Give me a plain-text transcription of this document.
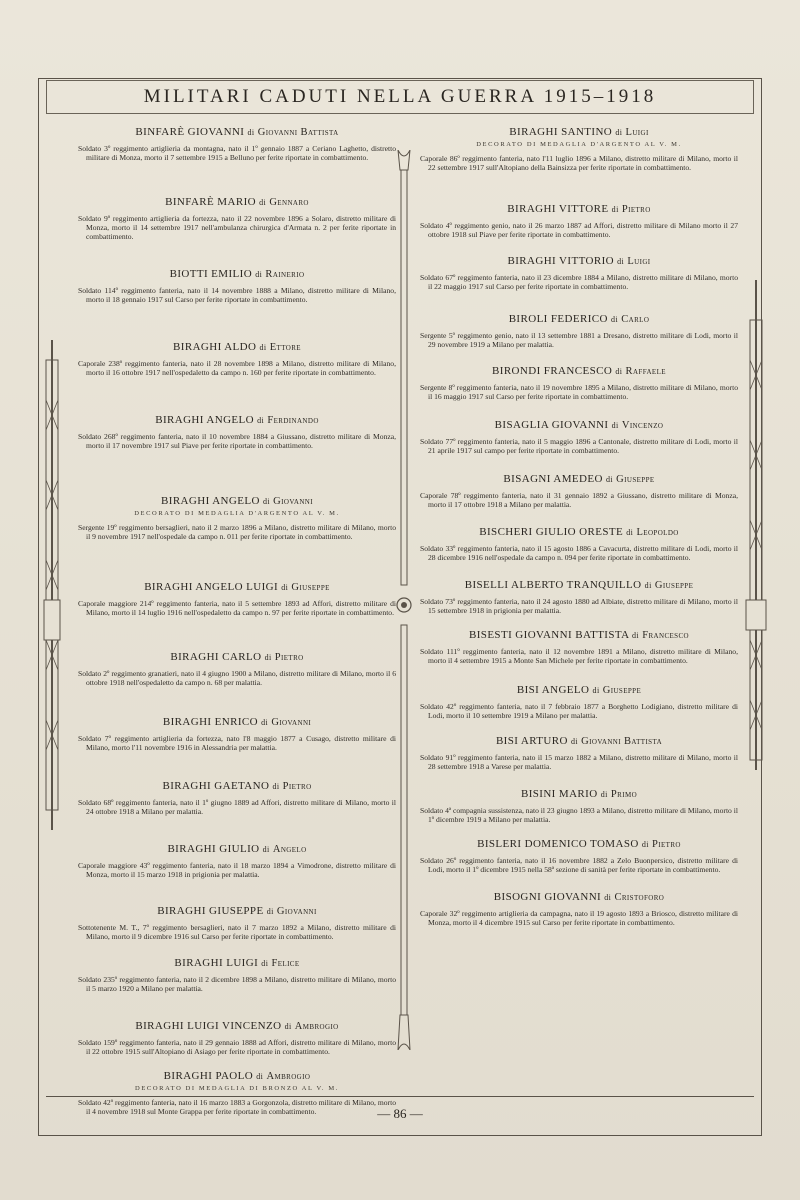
MILITARI CADUTI NELLA GUERRA 1915–1918
BINFARÈ GIOVANNI di Giovanni Battista
Soldato 3º reggimento artiglieria da montagna, nato il 1º gennaio 1887 a Ceriano Laghetto, distretto militare di Monza, morto il 7 settembre 1915 a Belluno per ferite riportate in combattimento.
BINFARÈ MARIO di Gennaro
Soldato 9º reggimento artiglieria da fortezza, nato il 22 novembre 1896 a Solaro, distretto militare di Monza, morto il 14 settembre 1917 nell'ambulanza chirurgica d'Armata n. 2 per ferite riportate in combattimento.
BIOTTI EMILIO di Rainerio
Soldato 114º reggimento fanteria, nato il 14 novembre 1888 a Milano, distretto militare di Milano, morto il 18 gennaio 1917 sul Carso per ferite riportate in combattimento.
BIRAGHI ALDO di Ettore
Caporale 238º reggimento fanteria, nato il 28 novembre 1898 a Milano, distretto militare di Milano, morto il 16 ottobre 1917 nell'ospedaletto da campo n. 160 per ferite riportate in combattimento.
BIRAGHI ANGELO di Ferdinando
Soldato 268º reggimento fanteria, nato il 10 novembre 1884 a Giussano, distretto militare di Monza, morto il 17 novembre 1917 sul Piave per ferite riportate in combattimento.
BIRAGHI ANGELO di Giovanni
DECORATO DI MEDAGLIA D'ARGENTO AL V. M.
Sergente 19º reggimento bersaglieri, nato il 2 marzo 1896 a Milano, distretto militare di Milano, morto il 9 novembre 1917 nell'ospedale da campo n. 011 per ferite riportate in combattimento.
BIRAGHI ANGELO LUIGI di Giuseppe
Caporale maggiore 214º reggimento fanteria, nato il 5 settembre 1893 ad Affori, distretto militare di Milano, morto il 14 luglio 1916 nell'ospedaletto da campo n. 97 per ferite riportate in combattimento.
BIRAGHI CARLO di Pietro
Soldato 2º reggimento granatieri, nato il 4 giugno 1900 a Milano, distretto militare di Milano, morto il 6 ottobre 1918 nell'ospedaletto da campo n. 68 per malattia.
BIRAGHI ENRICO di Giovanni
Soldato 7º reggimento artiglieria da fortezza, nato l'8 maggio 1877 a Cusago, distretto militare di Milano, morto l'11 novembre 1916 in Alessandria per malattia.
BIRAGHI GAETANO di Pietro
Soldato 68º reggimento fanteria, nato il 1º giugno 1889 ad Affori, distretto militare di Milano, morto il 24 ottobre 1918 a Milano per malattia.
BIRAGHI GIULIO di Angelo
Caporale maggiore 43º reggimento fanteria, nato il 18 marzo 1894 a Vimodrone, distretto militare di Monza, morto il 15 marzo 1918 in prigionia per malattia.
BIRAGHI GIUSEPPE di Giovanni
Sottotenente M. T., 7º reggimento bersaglieri, nato il 7 marzo 1892 a Milano, distretto militare di Milano, morto il 9 dicembre 1916 sul Carso per ferite riportate in combattimento.
BIRAGHI LUIGI di Felice
Soldato 235º reggimento fanteria, nato il 2 dicembre 1898 a Milano, distretto militare di Milano, morto il 5 marzo 1920 a Milano per malattia.
BIRAGHI LUIGI VINCENZO di Ambrogio
Soldato 159º reggimento fanteria, nato il 29 gennaio 1888 ad Affori, distretto militare di Milano, morto il 22 ottobre 1915 sull'Altopiano di Asiago per ferite riportate in combattimento.
BIRAGHI PAOLO di Ambrogio
DECORATO DI MEDAGLIA DI BRONZO AL V. M.
Soldato 42º reggimento fanteria, nato il 16 marzo 1883 a Gorgonzola, distretto militare di Milano, morto il 4 novembre 1918 sul Monte Grappa per ferite riportate in combattimento.
BIRAGHI SANTINO di Luigi
DECORATO DI MEDAGLIA D'ARGENTO AL V. M.
Caporale 86º reggimento fanteria, nato l'11 luglio 1896 a Milano, distretto militare di Milano, morto il 22 settembre 1917 sull'Altopiano della Bainsizza per ferite riportate in combattimento.
BIRAGHI VITTORE di Pietro
Soldato 4º reggimento genio, nato il 26 marzo 1887 ad Affori, distretto militare di Milano morto il 27 ottobre 1918 sul Piave per ferite riportate in combattimento.
BIRAGHI VITTORIO di Luigi
Soldato 67º reggimento fanteria, nato il 23 dicembre 1884 a Milano, distretto militare di Milano, morto il 22 maggio 1917 sul Carso per ferite riportate in combattimento.
BIROLI FEDERICO di Carlo
Sergente 5º reggimento genio, nato il 13 settembre 1881 a Dresano, distretto militare di Lodi, morto il 29 novembre 1919 a Milano per malattia.
BIRONDI FRANCESCO di Raffaele
Sergente 8º reggimento fanteria, nato il 19 novembre 1895 a Milano, distretto militare di Milano, morto il 16 maggio 1917 sul Carso per ferite riportate in combattimento.
BISAGLIA GIOVANNI di Vincenzo
Soldato 77º reggimento fanteria, nato il 5 maggio 1896 a Cantonale, distretto militare di Lodi, morto il 21 aprile 1917 sul campo per ferite riportate in combattimento.
BISAGNI AMEDEO di Giuseppe
Caporale 78º reggimento fanteria, nato il 31 gennaio 1892 a Giussano, distretto militare di Monza, morto il 17 ottobre 1918 a Milano per malattia.
BISCHERI GIULIO ORESTE di Leopoldo
Soldato 33º reggimento fanteria, nato il 15 agosto 1886 a Cavacurta, distretto militare di Lodi, morto il 28 dicembre 1916 nell'ospedale da campo n. 094 per ferite riportate in combattimento.
BISELLI ALBERTO TRANQUILLO di Giuseppe
Soldato 73º reggimento fanteria, nato il 24 agosto 1880 ad Albiate, distretto militare di Milano, morto il 15 settembre 1918 in prigionia per malattia.
BISESTI GIOVANNI BATTISTA di Francesco
Soldato 111º reggimento fanteria, nato il 12 novembre 1891 a Milano, distretto militare di Milano, morto il 4 settembre 1915 a Monte San Michele per ferite riportate in combattimento.
BISI ANGELO di Giuseppe
Soldato 42º reggimento fanteria, nato il 7 febbraio 1877 a Borghetto Lodigiano, distretto militare di Lodi, morto il 10 settembre 1919 a Milano per malattia.
BISI ARTURO di Giovanni Battista
Soldato 91º reggimento fanteria, nato il 15 marzo 1882 a Milano, distretto militare di Milano, morto il 28 settembre 1918 a Varese per malattia.
BISINI MARIO di Primo
Soldato 4ª compagnia sussistenza, nato il 23 giugno 1893 a Milano, distretto militare di Milano, morto il 1º dicembre 1919 a Milano per malattia.
BISLERI DOMENICO TOMASO di Pietro
Soldato 26º reggimento fanteria, nato il 16 novembre 1882 a Zelo Buonpersico, distretto militare di Lodi, morto il 1º dicembre 1915 nella 58ª sezione di sanità per ferite riportate in combattimento.
BISOGNI GIOVANNI di Cristoforo
Caporale 32º reggimento artiglieria da campagna, nato il 19 agosto 1893 a Briosco, distretto militare di Monza, morto il 4 dicembre 1915 sul Carso per ferite riportate in combattimento.
— 86 —
